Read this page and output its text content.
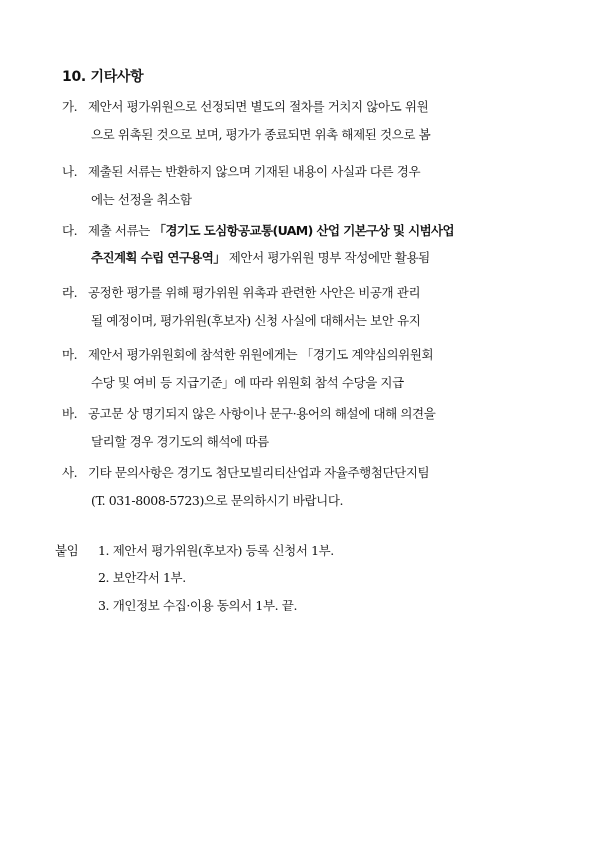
10. 기타사항
가. 제안서 평가위원으로 선정되면 별도의 절차를 거치지 않아도 위원
으로 위촉된 것으로 보며, 평가가 종료되면 위촉 해제된 것으로 봄
나. 제출된 서류는 반환하지 않으며 기재된 내용이 사실과 다른 경우
에는 선정을 취소함
다. 제출 서류는 「경기도 도심항공교통(UAM) 산업 기본구상 및 시범사업
추진계획 수립 연구용역」 제안서 평가위원 명부 작성에만 활용됨
라. 공정한 평가를 위해 평가위원 위촉과 관련한 사안은 비공개 관리
될 예정이며, 평가위원(후보자) 신청 사실에 대해서는 보안 유지
마. 제안서 평가위원회에 참석한 위원에게는 「경기도 계약심의위원회
수당 및 여비 등 지급기준」에 따라 위원회 참석 수당을 지급
바. 공고문 상 명기되지 않은 사항이나 문구·용어의 해설에 대해 의견을
달리할 경우 경기도의 해석에 따름
사. 기타 문의사항은 경기도 첨단모빌리티산업과 자율주행첨단단지팀
(T. 031-8008-5723)으로 문의하시기 바랍니다.
붙임 1. 제안서 평가위원(후보자) 등록 신청서 1부.
2. 보안각서 1부.
3. 개인정보 수집·이용 동의서 1부. 끝.
